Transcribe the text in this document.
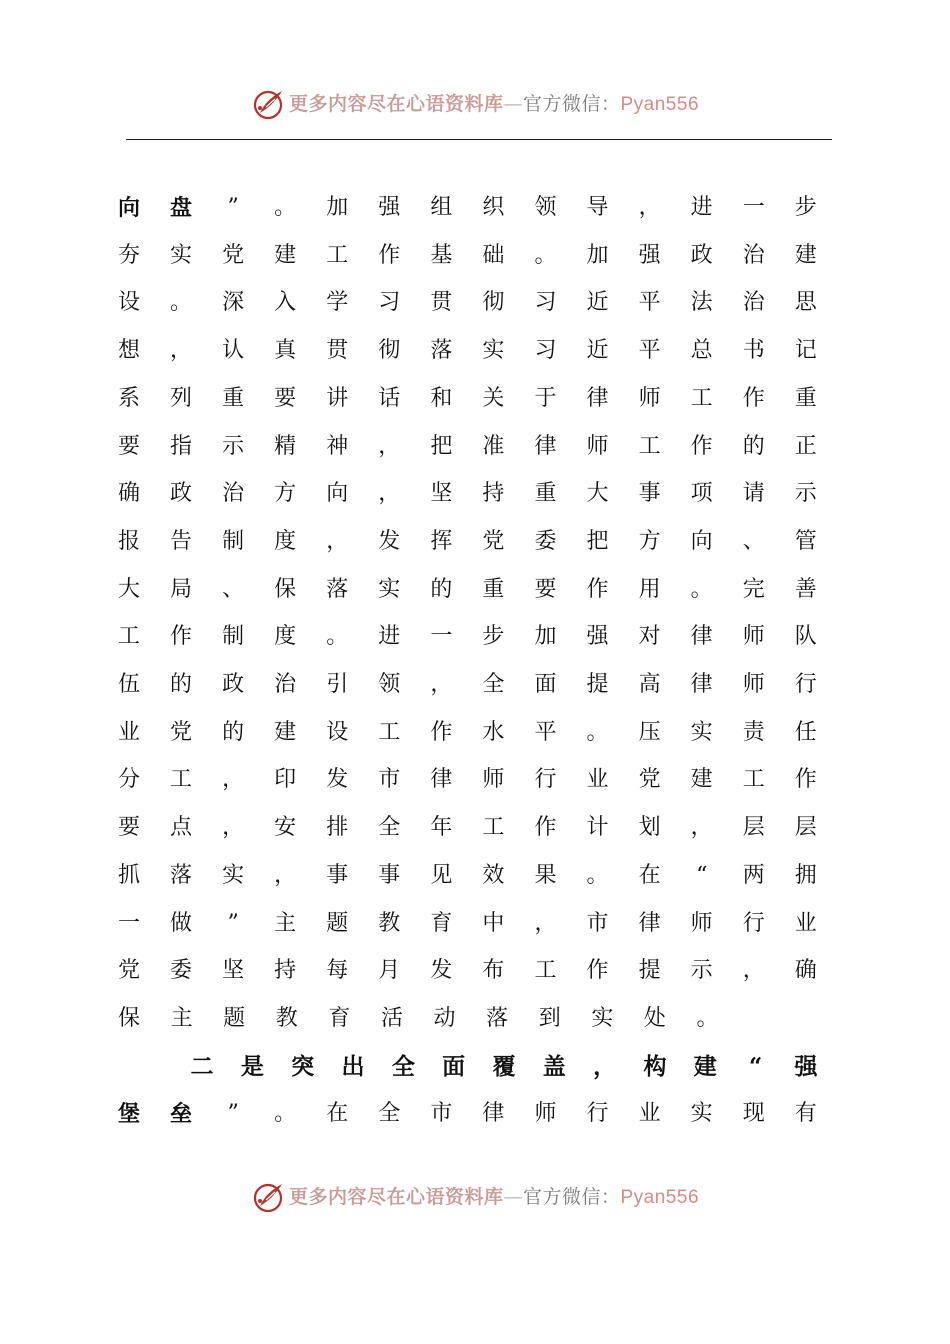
更多内容尽在心语资料库—官方微信：Pyan556
向 盘 ” 。 加 强 组 织 领 导 ， 进 一 步
夯 实 党 建 工 作 基 础 。 加 强 政 治 建
设 。 深 入 学 习 贯 彻 习 近 平 法 治 思
想 ， 认 真 贯 彻 落 实 习 近 平 总 书 记
系 列 重 要 讲 话 和 关 于 律 师 工 作 重
要 指 示 精 神 ， 把 准 律 师 工 作 的 正
确 政 治 方 向 ， 坚 持 重 大 事 项 请 示
报 告 制 度 ， 发 挥 党 委 把 方 向 、 管
大 局 、 保 落 实 的 重 要 作 用 。 完 善
工 作 制 度 。 进 一 步 加 强 对 律 师 队
伍 的 政 治 引 领 ， 全 面 提 高 律 师 行
业 党 的 建 设 工 作 水 平 。 压 实 责 任
分 工 ， 印 发 市 律 师 行 业 党 建 工 作
要 点 ， 安 排 全 年 工 作 计 划 ， 层 层
抓 落 实 ， 事 事 见 效 果 。 在 “ 两 拥
一 做 ” 主 题 教 育 中 ， 市 律 师 行 业
党 委 坚 持 每 月 发 布 工 作 提 示 ， 确
保 主 题 教 育 活 动 落 到 实 处 。
二 是 突 出 全 面 覆 盖 ， 构 建 “ 强
堡 垒 ” 。 在 全 市 律 师 行 业 实 现 有
更多内容尽在心语资料库—官方微信：Pyan556
